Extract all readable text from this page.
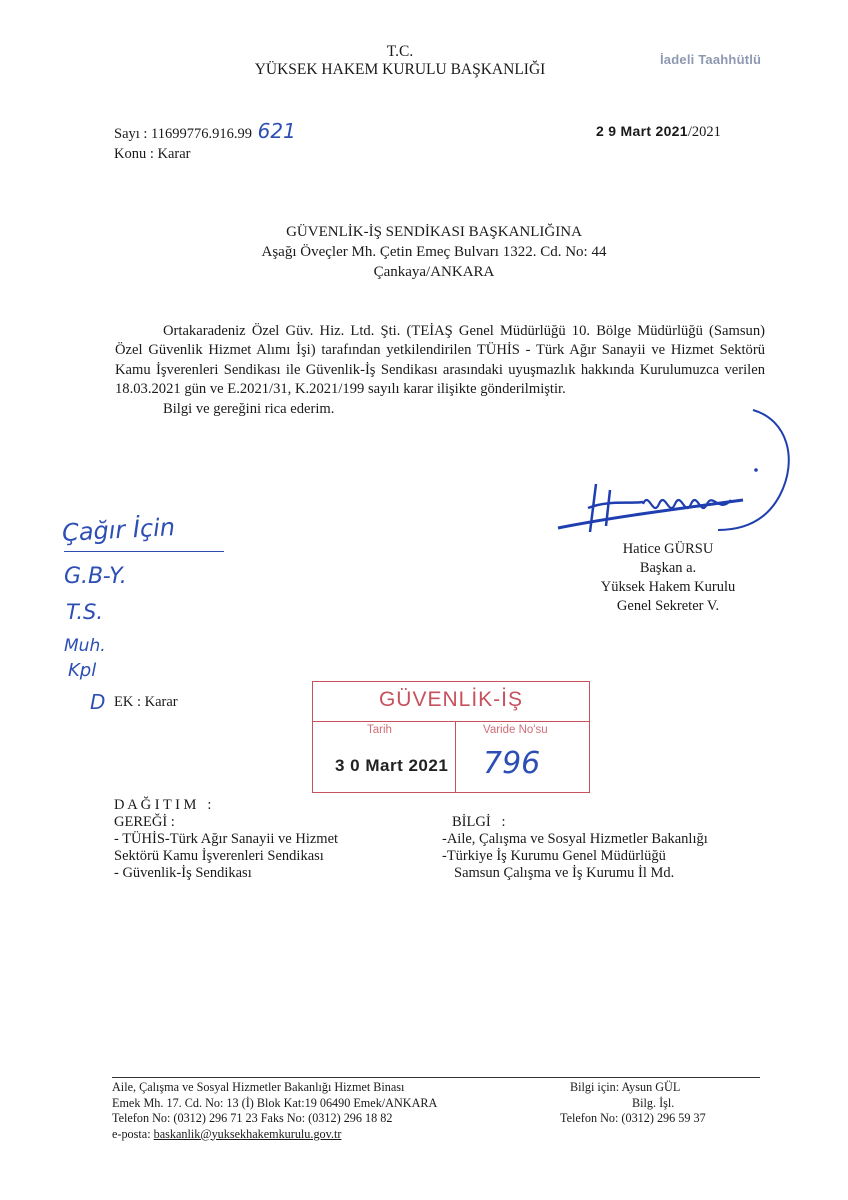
İadeli Taahhütlü
T.C.
YÜKSEK HAKEM KURULU BAŞKANLIĞI
Sayı : 11699776.916.99 621
Konu : Karar
2 9 Mart 2021/2021
GÜVENLİK-İŞ SENDİKASI BAŞKANLIĞINA
Aşağı Öveçler Mh. Çetin Emeç Bulvarı 1322. Cd. No: 44
Çankaya/ANKARA

Ortakaradeniz Özel Güv. Hiz. Ltd. Şti. (TEİAŞ Genel Müdürlüğü 10. Bölge Müdürlüğü (Samsun) Özel Güvenlik Hizmet Alımı İşi) tarafından yetkilendirilen TÜHİS - Türk Ağır Sanayii ve Hizmet Sektörü Kamu İşverenleri Sendikası ile Güvenlik-İş Sendikası arasındaki uyuşmazlık hakkında Kurulumuzca verilen 18.03.2021 gün ve E.2021/31, K.2021/199 sayılı karar ilişikte gönderilmiştir.

Bilgi ve gereğini rica ederim.

Hatice GÜRSU
Başkan a.
Yüksek Hakem Kurulu
Genel Sekreter V.
Çağır İçin
G.B-Y.
T.S.
Muh.
Kpl
D EK : Karar	GÜVENLİK-İŞ
Tarih	Varide No'su
3 0 Mart 2021 796
D A Ğ I T I M   :
GEREĞİ :
- TÜHİS-Türk Ağır Sanayii ve Hizmet
Sektörü Kamu İşverenleri Sendikası
- Güvenlik-İş Sendikası
BİLGİ   :
-Aile, Çalışma ve Sosyal Hizmetler Bakanlığı
-Türkiye İş Kurumu Genel Müdürlüğü
Samsun Çalışma ve İş Kurumu İl Md.
Aile, Çalışma ve Sosyal Hizmetler Bakanlığı Hizmet Binası
Emek Mh. 17. Cd. No: 13 (İ) Blok Kat:19 06490 Emek/ANKARA
Telefon No: (0312) 296 71 23 Faks No: (0312) 296 18 82
e-posta: baskanlik@yuksekhakemkurulu.gov.tr
Bilgi için: Aysun GÜL
Bilg. İşl.
Telefon No: (0312) 296 59 37
